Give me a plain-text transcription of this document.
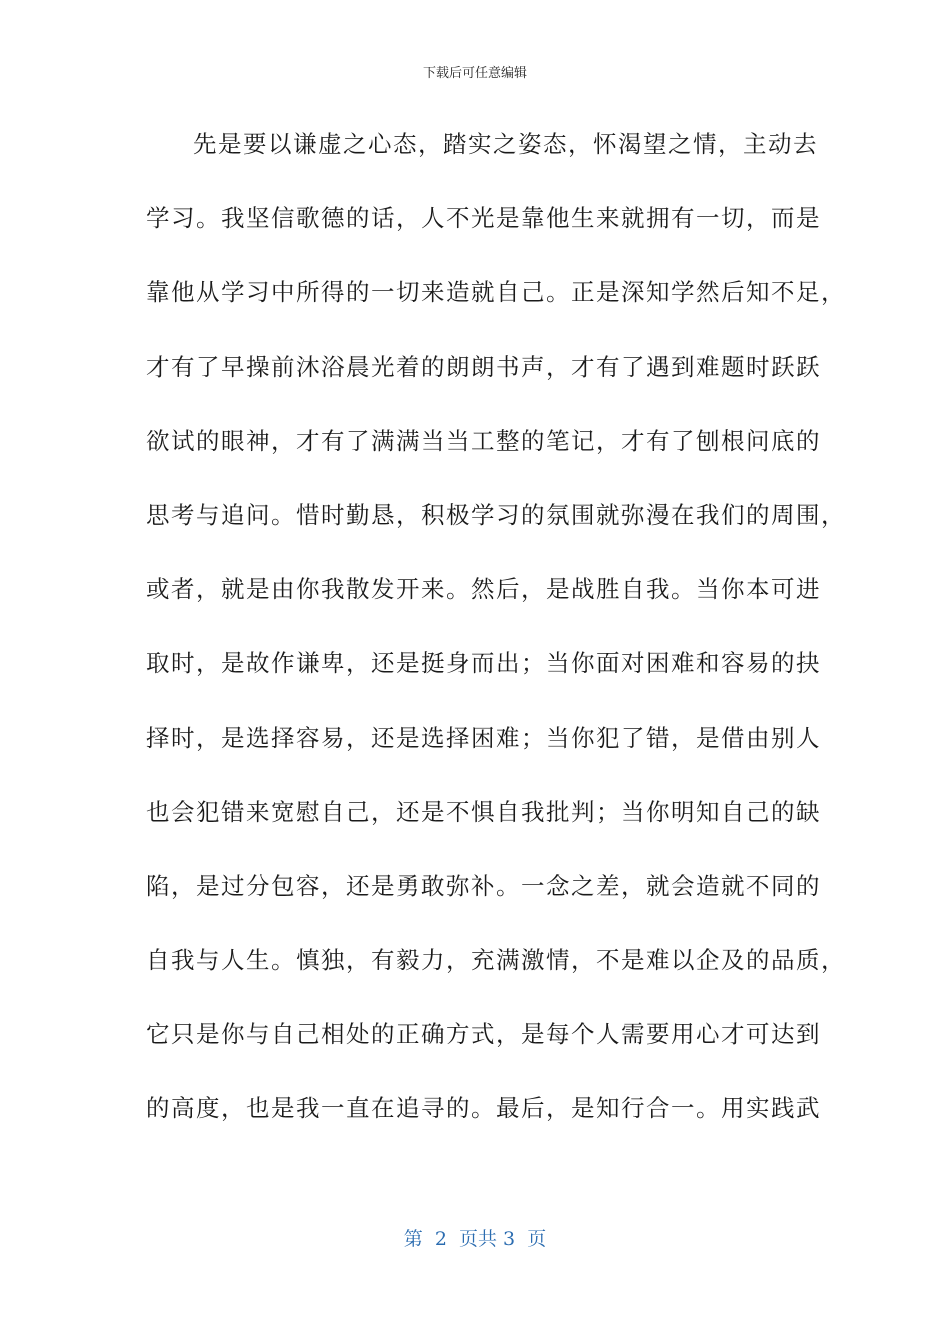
下载后可任意编辑
先是要以谦虚之心态，踏实之姿态，怀渴望之情，主动去
学习。我坚信歌德的话，人不光是靠他生来就拥有一切，而是
靠他从学习中所得的一切来造就自己。正是深知学然后知不足，
才有了早操前沐浴晨光着的朗朗书声，才有了遇到难题时跃跃
欲试的眼神，才有了满满当当工整的笔记，才有了刨根问底的
思考与追问。惜时勤恳，积极学习的氛围就弥漫在我们的周围，
或者，就是由你我散发开来。然后，是战胜自我。当你本可进
取时，是故作谦卑，还是挺身而出；当你面对困难和容易的抉
择时，是选择容易，还是选择困难；当你犯了错，是借由别人
也会犯错来宽慰自己，还是不惧自我批判；当你明知自己的缺
陷，是过分包容，还是勇敢弥补。一念之差，就会造就不同的
自我与人生。慎独，有毅力，充满激情，不是难以企及的品质，
它只是你与自己相处的正确方式，是每个人需要用心才可达到
的高度，也是我一直在追寻的。最后，是知行合一。用实践武
第  2  页共 3  页
